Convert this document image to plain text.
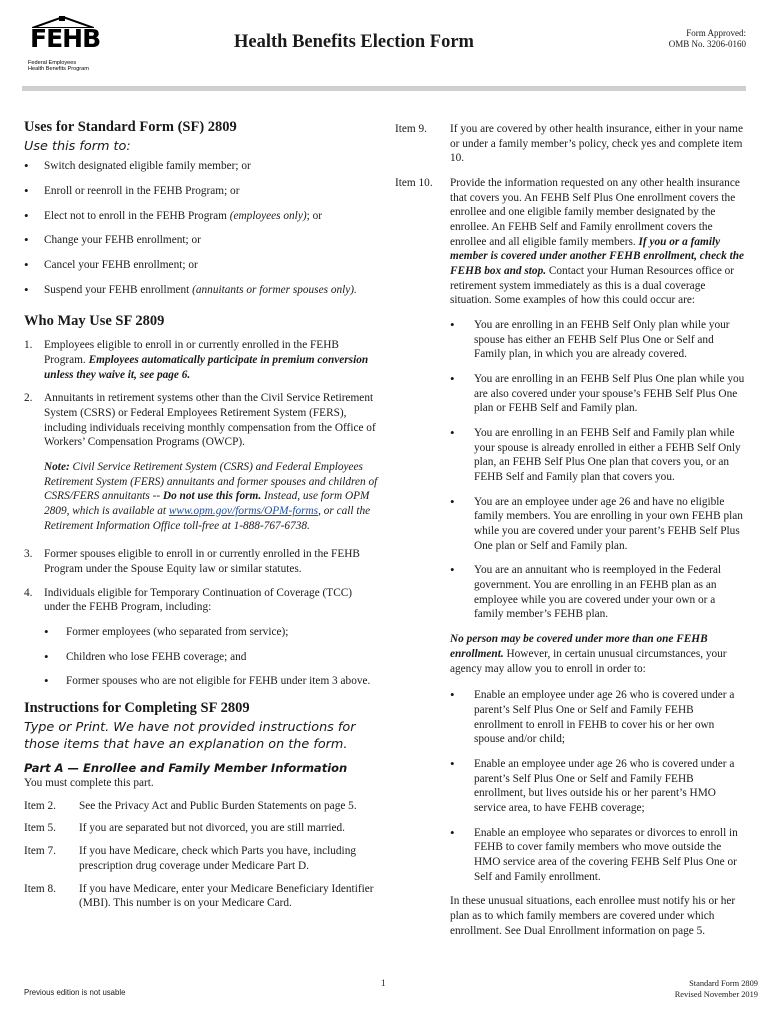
FEHB
Federal Employees
Health Benefits Program
Health Benefits Election Form	Form Approved:
OMB No. 3206-0160
Uses for Standard Form (SF) 2809
Use this form to:
• Switch designated eligible family member; or
• Enroll or reenroll in the FEHB Program; or
• Elect not to enroll in the FEHB Program (employees only); or
• Change your FEHB enrollment; or
• Cancel your FEHB enrollment; or
• Suspend your FEHB enrollment (annuitants or former spouses only).
Who May Use SF 2809
1. Employees eligible to enroll in or currently enrolled in the FEHB Program. Employees automatically participate in premium conversion unless they waive it, see page 6.
2. Annuitants in retirement systems other than the Civil Service Retirement System (CSRS) or Federal Employees Retirement System (FERS), including individuals receiving monthly compensation from the Office of Workers’ Compensation Programs (OWCP).
Note: Civil Service Retirement System (CSRS) and Federal Employees Retirement System (FERS) annuitants and former spouses and children of CSRS/FERS annuitants -- Do not use this form. Instead, use form OPM 2809, which is available at www.opm.gov/forms/OPM-forms, or call the Retirement Information Office toll-free at 1-888-767-6738.
3. Former spouses eligible to enroll in or currently enrolled in the FEHB Program under the Spouse Equity law or similar statutes.
4. Individuals eligible for Temporary Continuation of Coverage (TCC) under the FEHB Program, including:
• Former employees (who separated from service);
• Children who lose FEHB coverage; and
• Former spouses who are not eligible for FEHB under item 3 above.
Instructions for Completing SF 2809
Type or Print. We have not provided instructions for those items that have an explanation on the form.
Part A — Enrollee and Family Member Information
You must complete this part.
Item 2. See the Privacy Act and Public Burden Statements on page 5.
Item 5. If you are separated but not divorced, you are still married.
Item 7. If you have Medicare, check which Parts you have, including prescription drug coverage under Medicare Part D.
Item 8. If you have Medicare, enter your Medicare Beneficiary Identifier (MBI). This number is on your Medicare Card.
Item 9. If you are covered by other health insurance, either in your name or under a family member’s policy, check yes and complete item 10.
Item 10. Provide the information requested on any other health insurance that covers you. An FEHB Self Plus One enrollment covers the enrollee and one eligible family member designated by the enrollee. An FEHB Self and Family enrollment covers the enrollee and all eligible family members. If you or a family member is covered under another FEHB enrollment, check the FEHB box and stop. Contact your Human Resources office or retirement system immediately as this is a dual coverage situation. Some examples of how this could occur are:
• You are enrolling in an FEHB Self Only plan while your spouse has either an FEHB Self Plus One or Self and Family plan, in which you are already covered.
• You are enrolling in an FEHB Self Plus One plan while you are also covered under your spouse’s FEHB Self Plus One plan or FEHB Self and Family plan.
• You are enrolling in an FEHB Self and Family plan while your spouse is already enrolled in either a FEHB Self Only plan, an FEHB Self Plus One plan that covers you, or an FEHB Self and Family plan that covers you.
• You are an employee under age 26 and have no eligible family members. You are enrolling in your own FEHB plan while you are covered under your parent’s FEHB Self Plus One plan or Self and Family plan.
• You are an annuitant who is reemployed in the Federal government. You are enrolling in an FEHB plan as an employee while you are covered under your own or a family member’s FEHB plan.
No person may be covered under more than one FEHB enrollment. However, in certain unusual circumstances, your agency may allow you to enroll in order to:
• Enable an employee under age 26 who is covered under a parent’s Self Plus One or Self and Family FEHB enrollment to enroll in FEHB to cover his or her own spouse and/or child;
• Enable an employee under age 26 who is covered under a parent’s Self Plus One or Self and Family FEHB enrollment, but lives outside his or her parent’s HMO service area, to have FEHB coverage;
• Enable an employee who separates or divorces to enroll in FEHB to cover family members who move outside the HMO service area of the covering FEHB Self Plus One or Self and Family enrollment.
In these unusual situations, each enrollee must notify his or her plan as to which family members are covered under which enrollment. See Dual Enrollment information on page 5.
Previous edition is not usable
1	Standard Form 2809
Revised November 2019
